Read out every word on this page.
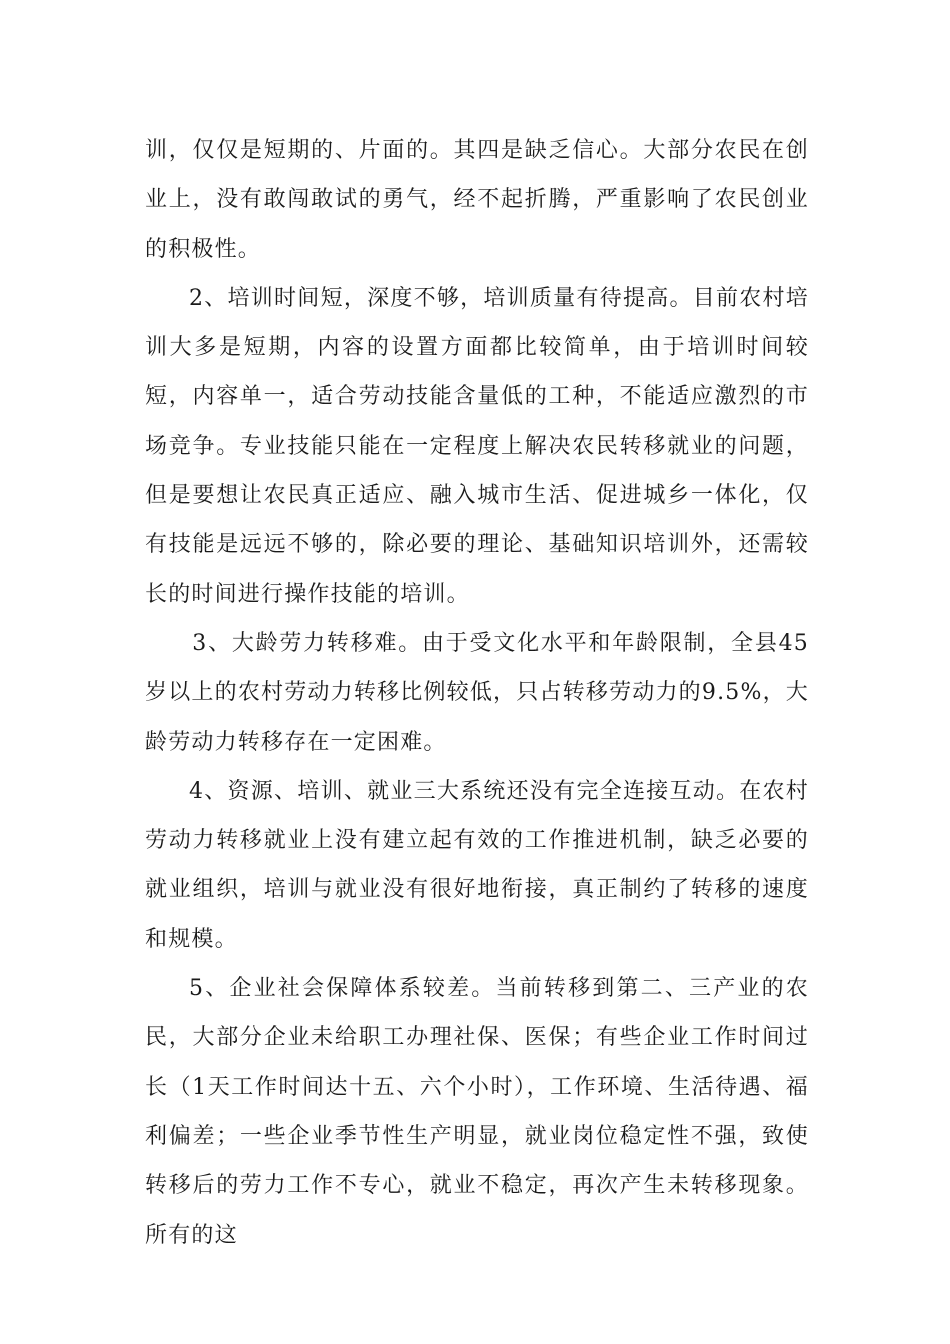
训，仅仅是短期的、片面的。其四是缺乏信心。大部分农民在创业上，没有敢闯敢试的勇气，经不起折腾，严重影响了农民创业的积极性。

2、培训时间短，深度不够，培训质量有待提高。目前农村培训大多是短期，内容的设置方面都比较简单，由于培训时间较短，内容单一，适合劳动技能含量低的工种，不能适应激烈的市场竞争。专业技能只能在一定程度上解决农民转移就业的问题，但是要想让农民真正适应、融入城市生活、促进城乡一体化，仅有技能是远远不够的，除必要的理论、基础知识培训外，还需较长的时间进行操作技能的培训。

3、大龄劳力转移难。由于受文化水平和年龄限制，全县45岁以上的农村劳动力转移比例较低，只占转移劳动力的9.5%，大龄劳动力转移存在一定困难。

4、资源、培训、就业三大系统还没有完全连接互动。在农村劳动力转移就业上没有建立起有效的工作推进机制，缺乏必要的就业组织，培训与就业没有很好地衔接，真正制约了转移的速度和规模。

5、企业社会保障体系较差。当前转移到第二、三产业的农民，大部分企业未给职工办理社保、医保；有些企业工作时间过长（1天工作时间达十五、六个小时），工作环境、生活待遇、福利偏差；一些企业季节性生产明显，就业岗位稳定性不强，致使转移后的劳力工作不专心，就业不稳定，再次产生未转移现象。所有的这
